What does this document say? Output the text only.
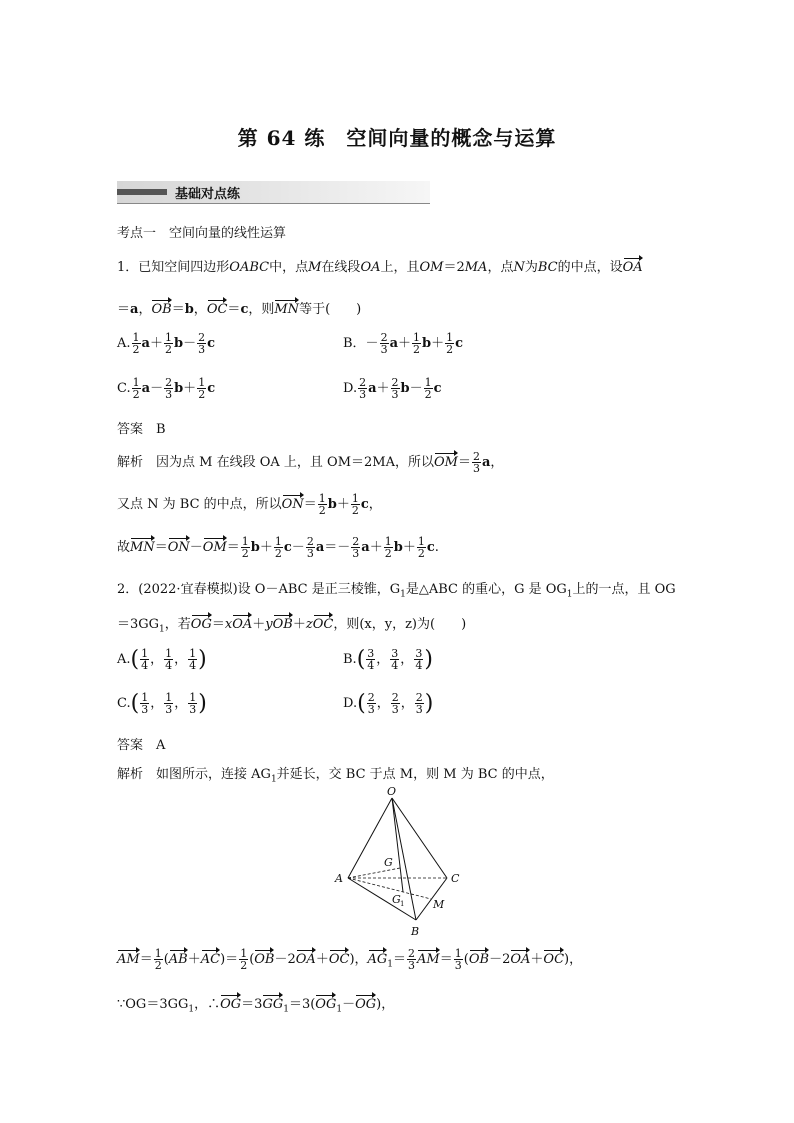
第 64 练　空间向量的概念与运算
基础对点练
考点一　空间向量的线性运算
1．已知空间四边形OABC中，点M在线段OA上，且OM＝2MA，点N为BC的中点，设OA
＝a，OB＝b，OC＝c，则MN等于(　　)
A. $\frac{1}{2} a+ \frac{1}{2} b- \frac{2}{3}$ c	B．－ $\frac{2}{3} a+ \frac{1}{2} b+ \frac{1}{2}$ c
C. $\frac{1}{2} a- \frac{2}{3} b+ \frac{1}{2}$ c	D. $\frac{2}{3} a+ \frac{2}{3} b- \frac{1}{2}$ c
答案　 B
解析　 因为点 M 在线段 OA 上，且 OM＝2MA，所以$OM= \frac{2}{3}$ a，
又点 N 为 BC 的中点，所以$ON= \frac{1}{2} b+ \frac{1}{2}$ c，
故$MN=ON-OM= \frac{1}{2} b+ \frac{1}{2} c- \frac{2}{3} a=- \frac{2}{3} a+ \frac{1}{2} b+ \frac{1}{2} c$.
2．(2022·宜春模拟)设 O－ABC 是正三棱锥，$G_1$是△ABC 的重心，G 是 $OG_1$上的一点，且 OG
$=3GG_1$，若OG＝xOA＋yOB＋zOC，则(x，y，z)为(　　)
$A.( \frac{1}{4}$ ， $\frac{1}{4}$ ， $\frac{1}{4}$ )	$B.( \frac{3}{4}$ ， $\frac{3}{4}$ ， $\frac{3}{4}$ )
$C.( \frac{1}{3}$ ， $\frac{1}{3}$ ， $\frac{1}{3}$ )	$D.( \frac{2}{3}$ ， $\frac{2}{3}$ ， $\frac{2}{3}$ )
答案　 A
解析　 如图所示，连接 $AG_1$并延长，交 BC 于点 M，则 M 为 BC 的中点，
O
A	C
B
G
G 1	M
$AM= \frac{1}{2} (AB+AC)= \frac{1}{2} (OB-2OA+OC)$，$AG_1= \frac{2}{3} AM= \frac{1}{3} (OB-2OA+OC)$，
$\because OG=3GG_1$，$\therefore OG=3GG_1=3(OG_1-OG)$，
